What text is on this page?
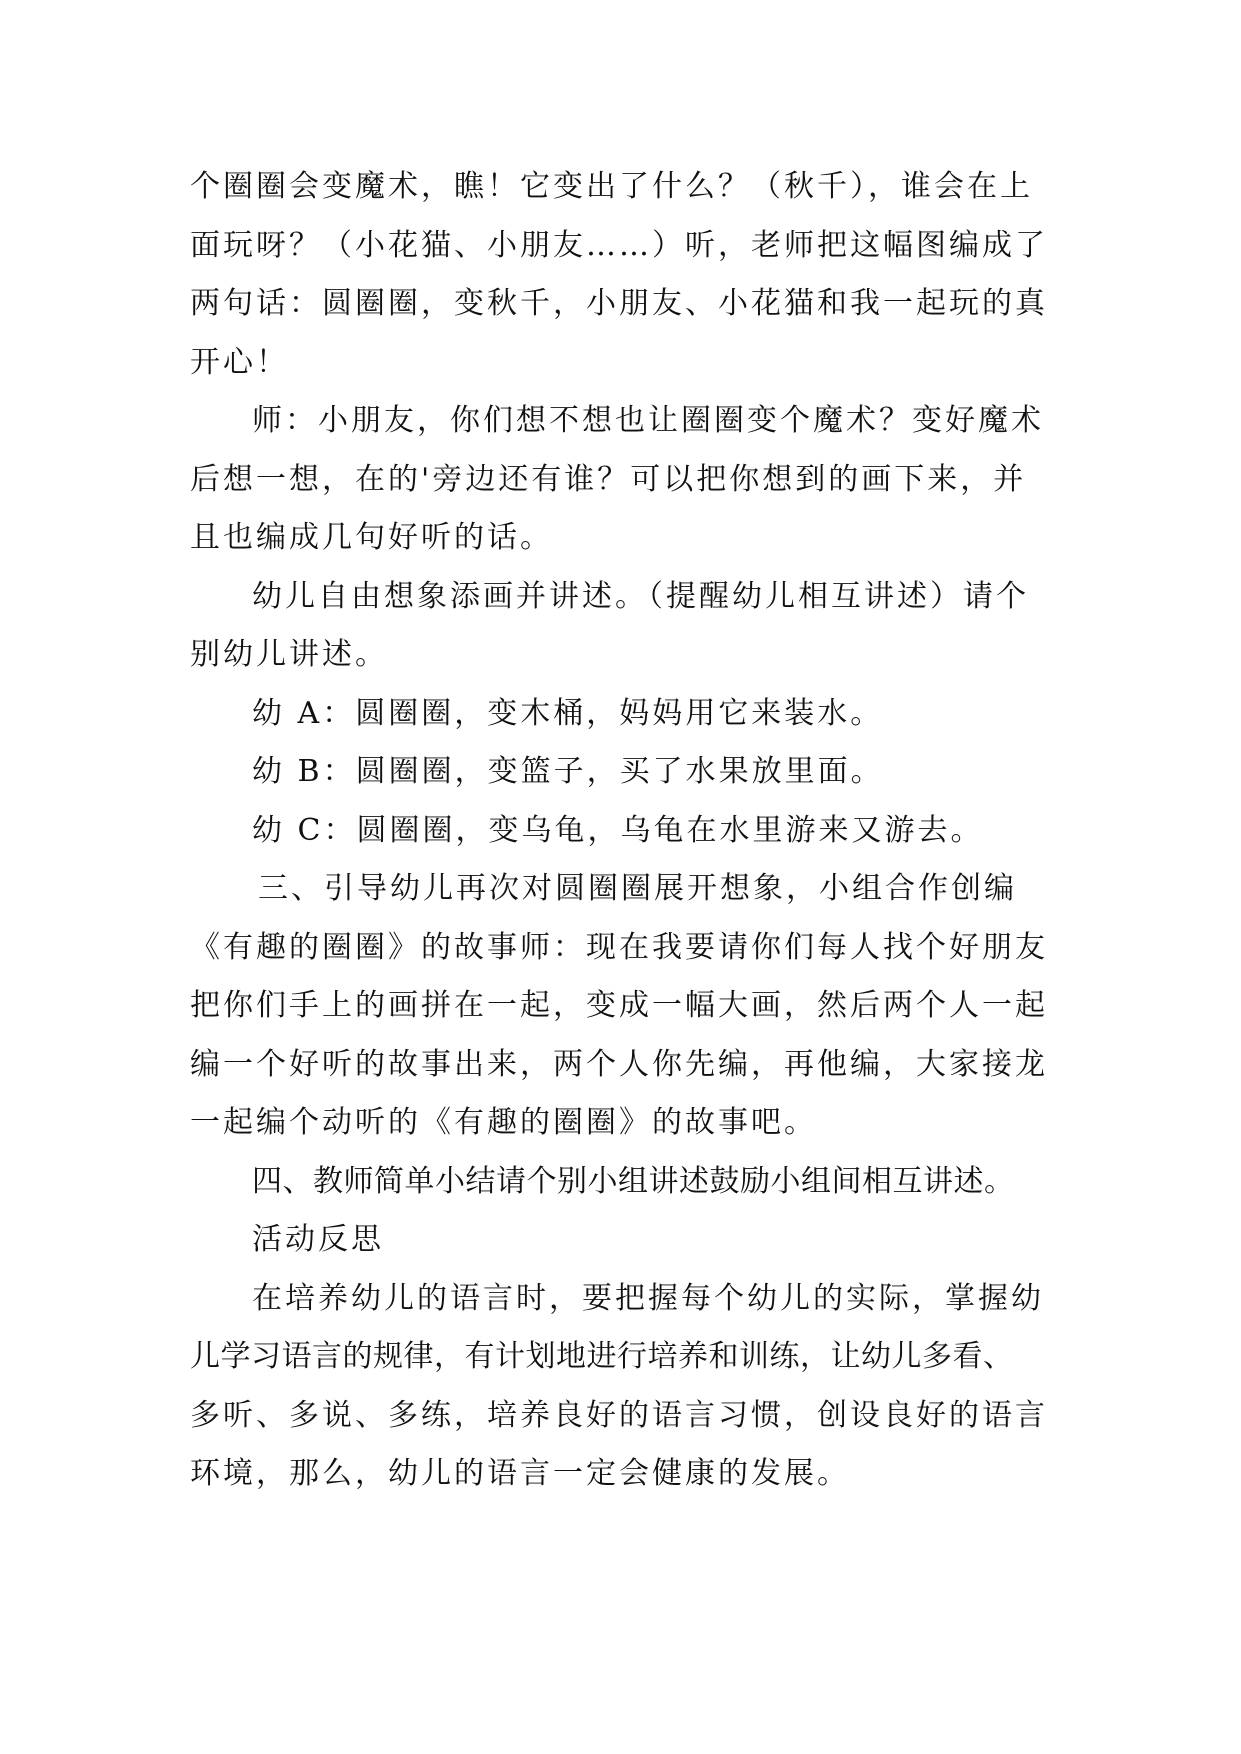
个圈圈会变魔术，瞧！它变出了什么？（秋千），谁会在上
面玩呀？（小花猫、小朋友……）听，老师把这幅图编成了
两句话：圆圈圈，变秋千，小朋友、小花猫和我一起玩的真
开心！
师：小朋友，你们想不想也让圈圈变个魔术？变好魔术
后想一想，在的'旁边还有谁？可以把你想到的画下来，并
且也编成几句好听的话。
幼儿自由想象添画并讲述。（提醒幼儿相互讲述）请个
别幼儿讲述。
幼 A：圆圈圈，变木桶，妈妈用它来装水。
幼 B：圆圈圈，变篮子，买了水果放里面。
幼 C：圆圈圈，变乌龟，乌龟在水里游来又游去。
三、引导幼儿再次对圆圈圈展开想象，小组合作创编
《有趣的圈圈》的故事师：现在我要请你们每人找个好朋友
把你们手上的画拼在一起，变成一幅大画，然后两个人一起
编一个好听的故事出来，两个人你先编，再他编，大家接龙
一起编个动听的《有趣的圈圈》的故事吧。
四、教师简单小结请个别小组讲述鼓励小组间相互讲述。
活动反思
在培养幼儿的语言时，要把握每个幼儿的实际，掌握幼
儿学习语言的规律，有计划地进行培养和训练，让幼儿多看、
多听、多说、多练，培养良好的语言习惯，创设良好的语言
环境，那么，幼儿的语言一定会健康的发展。
